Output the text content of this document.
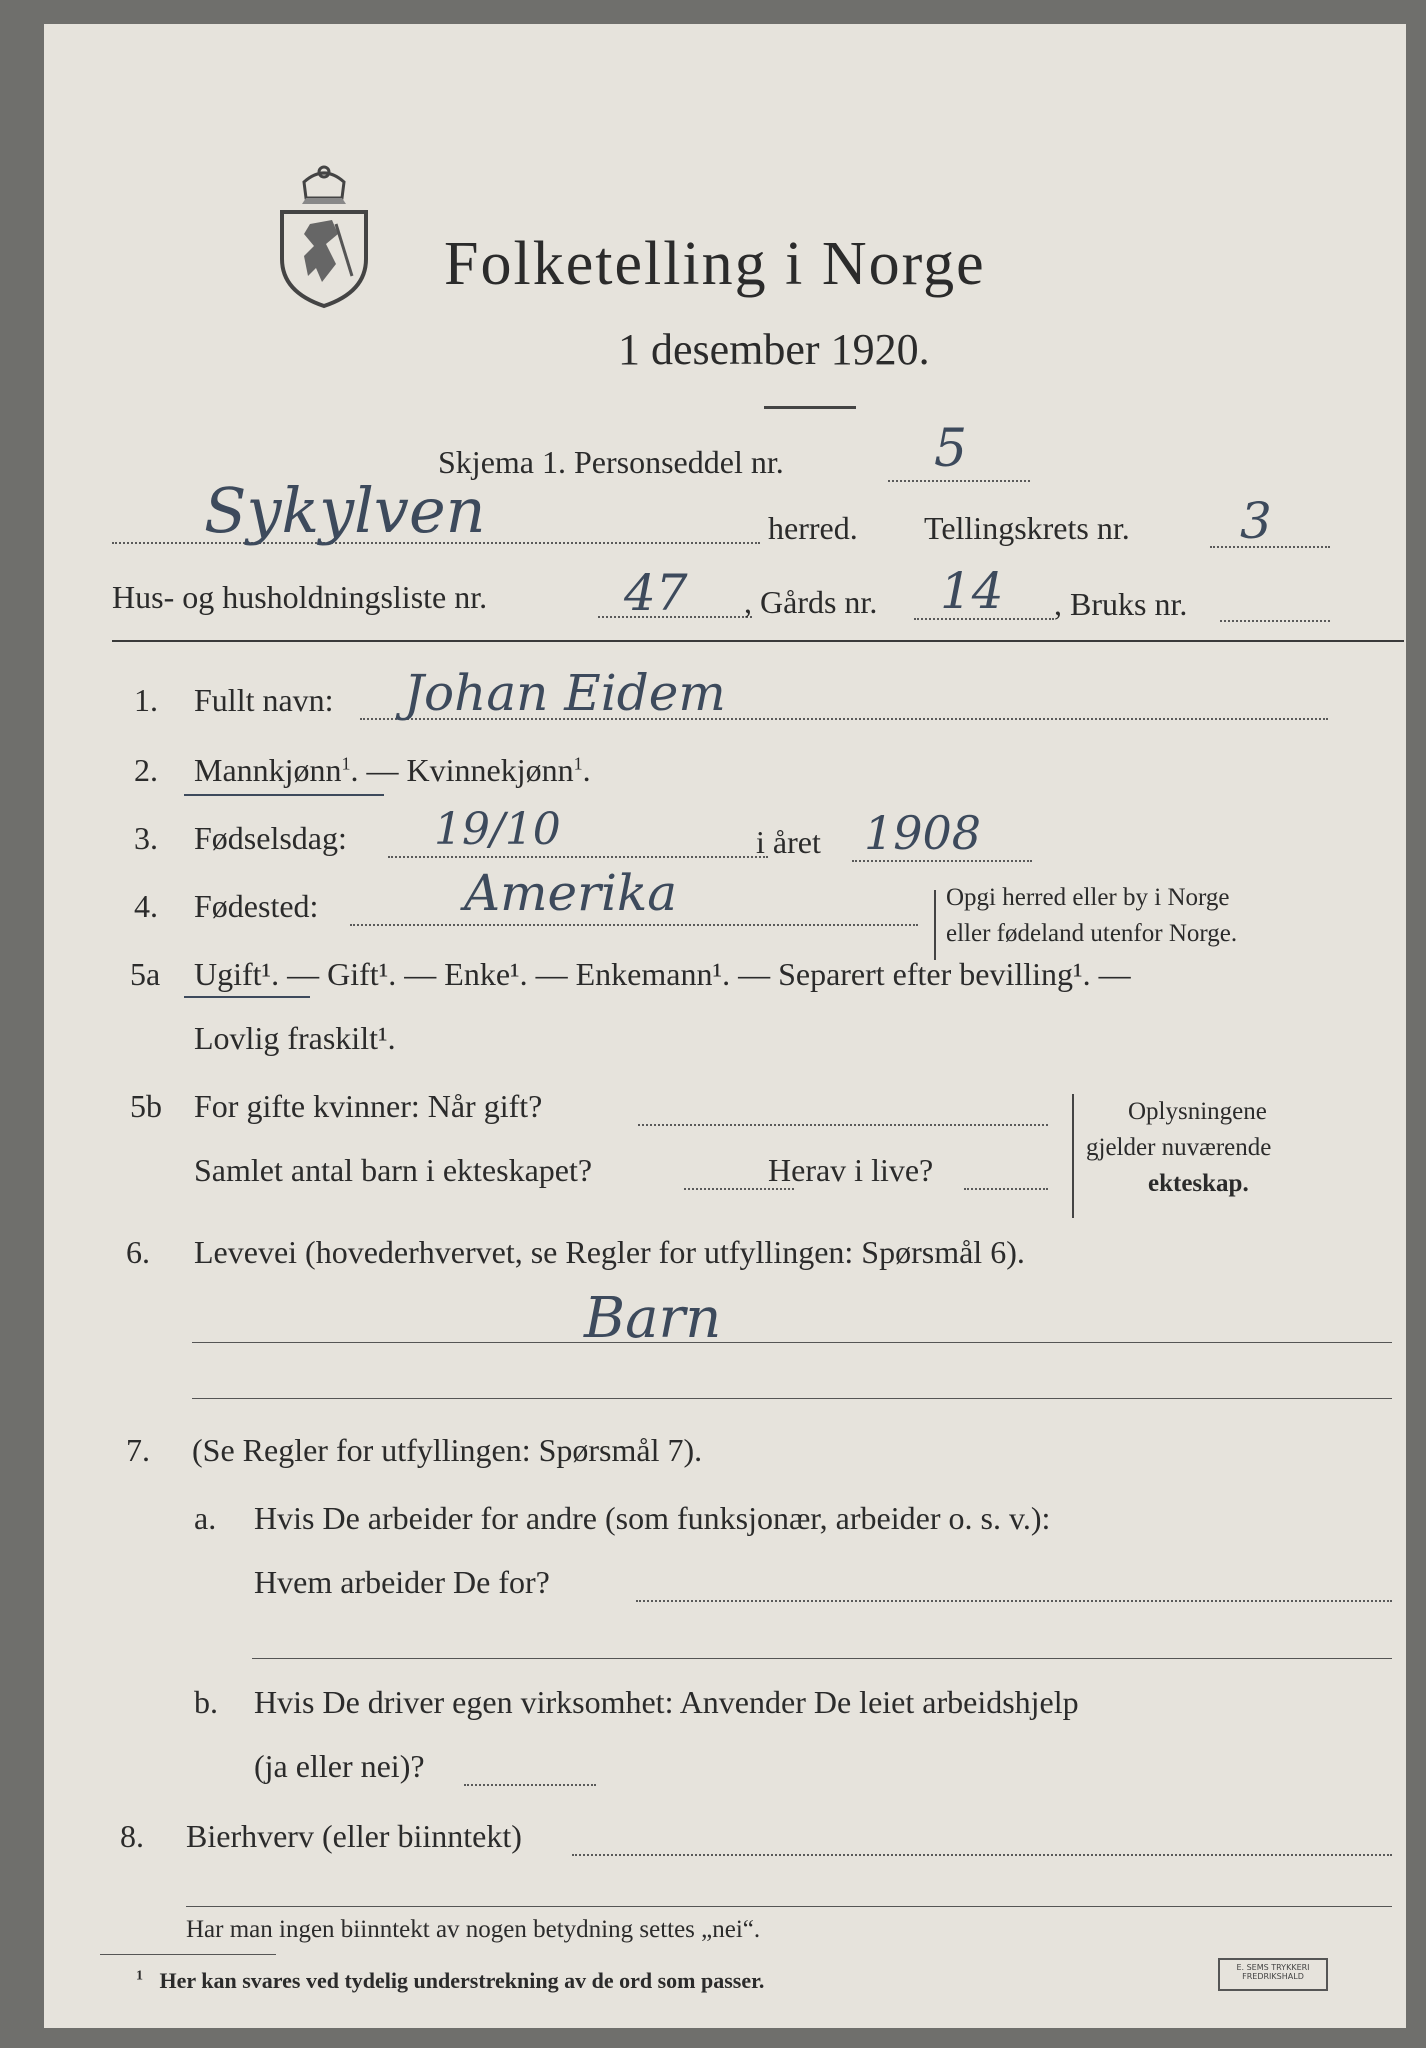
Folketelling i Norge
1 desember 1920.
Skjema 1. Personseddel nr.	5
Sykylven	herred. Tellingskrets nr. 3
Hus- og husholdningsliste nr.	47 , Gårds nr. 14 , Bruks nr.
1. Fullt navn: Johan Eidem
2. Mannkjønn$^1$. — Kvinnekjønn$^1$.
3. Fødselsdag: 19/10	i året 1908
4. Fødested:	Amerika	Opgi herred eller by i Norge
eller fødeland utenfor Norge.
5a Ugift¹. — Gift¹. — Enke¹. — Enkemann¹. — Separert efter bevilling¹. —
Lovlig fraskilt¹.
5b For gifte kvinner: Når gift?
Samlet antal barn i ekteskapet?	Herav i live?
Oplysningene
gjelder nuværende
ekteskap.
6. Levevei (hovederhvervet, se Regler for utfyllingen: Spørsmål 6).
Barn
7. (Se Regler for utfyllingen: Spørsmål 7).
a. Hvis De arbeider for andre (som funksjonær, arbeider o. s. v.):
Hvem arbeider De for?
b. Hvis De driver egen virksomhet: Anvender De leiet arbeidshjelp
(ja eller nei)?
8. Bierhverv (eller biinntekt)
Har man ingen biinntekt av nogen betydning settes „nei“.
$^1$ Her kan svares ved tydelig understrekning av de ord som passer.
E. SEMS TRYKKERI
FREDRIKSHALD
